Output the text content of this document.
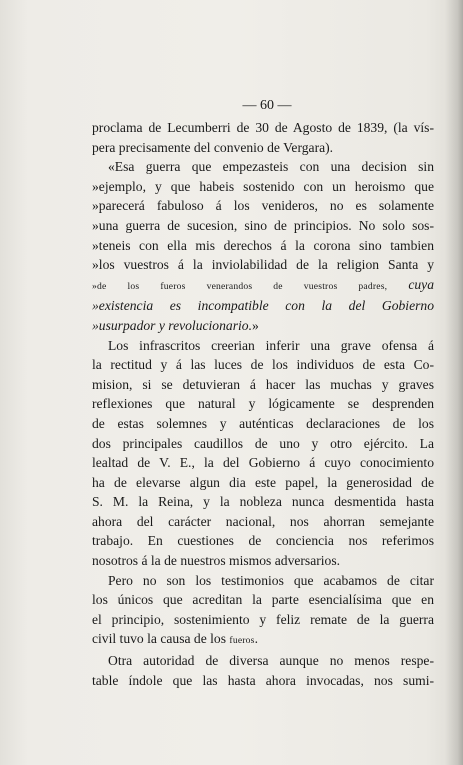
— 60 —
proclama de Lecumberri de 30 de Agosto de 1839, (la vís-
pera precisamente del convenio de Vergara).
«Esa guerra que empezasteis con una decision sin
»ejemplo, y que habeis sostenido con un heroismo que
»parecerá fabuloso á los venideros, no es solamente
»una guerra de sucesion, sino de principios. No solo sos-
»teneis con ella mis derechos á la corona sino tambien
»los vuestros á la inviolabilidad de la religion Santa y
»de los fueros venerandos de vuestros padres, cuya
»existencia es incompatible con la del Gobierno
»usurpador y revolucionario.»
Los infrascritos creerian inferir una grave ofensa á
la rectitud y á las luces de los individuos de esta Co-
mision, si se detuvieran á hacer las muchas y graves
reflexiones que natural y lógicamente se desprenden
de estas solemnes y auténticas declaraciones de los
dos principales caudillos de uno y otro ejército. La
lealtad de V. E., la del Gobierno á cuyo conocimiento
ha de elevarse algun dia este papel, la generosidad de
S. M. la Reina, y la nobleza nunca desmentida hasta
ahora del carácter nacional, nos ahorran semejante
trabajo. En cuestiones de conciencia nos referimos
nosotros á la de nuestros mismos adversarios.
Pero no son los testimonios que acabamos de citar
los únicos que acreditan la parte esencialísima que en
el principio, sostenimiento y feliz remate de la guerra
civil tuvo la causa de los fueros.
Otra autoridad de diversa aunque no menos respe-
table índole que las hasta ahora invocadas, nos sumi-
